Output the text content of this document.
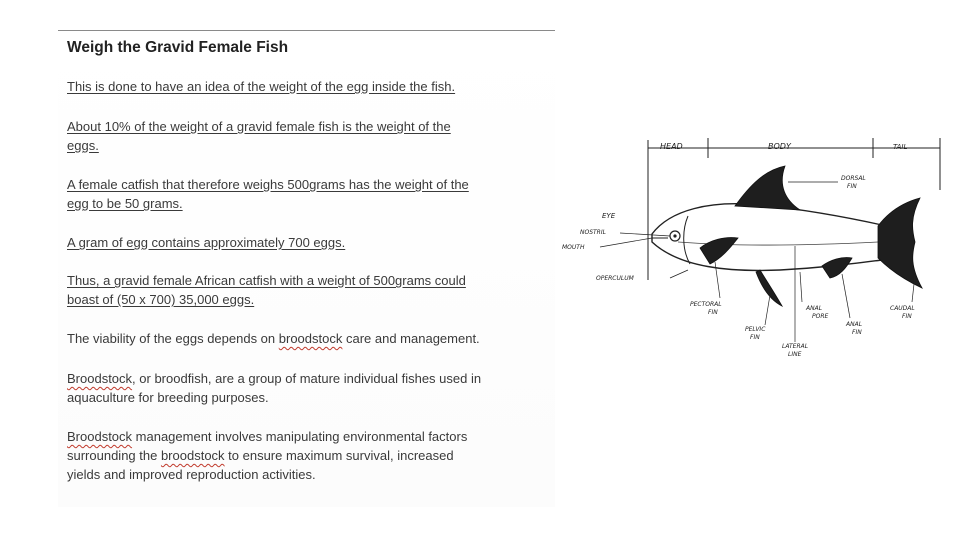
Weigh the Gravid Female Fish

This is done to have an idea of the weight of the egg inside the fish.

About 10% of the weight of a gravid female fish is the weight of the
eggs.

A female catfish that therefore weighs 500grams has the weight of the
egg to be 50 grams.

A gram of egg contains approximately 700 eggs.

Thus, a gravid female African catfish with a weight of 500grams could
boast of (50 x 700) 35,000 eggs.

The viability of the eggs depends on broodstock care and management.

Broodstock, or broodfish, are a group of mature individual fishes used in
aquaculture for breeding purposes.

Broodstock management involves manipulating environmental factors
surrounding the broodstock to ensure maximum survival, increased
yields and improved reproduction activities.

HEAD	BODY	TAIL
EYE
NOSTRIL
MOUTH
OPERCULUM
DORSAL
FIN
PECTORAL
FIN
PELVIC
FIN
ANAL
PORE
ANAL
FIN
LATERAL
LINE
CAUDAL
FIN
